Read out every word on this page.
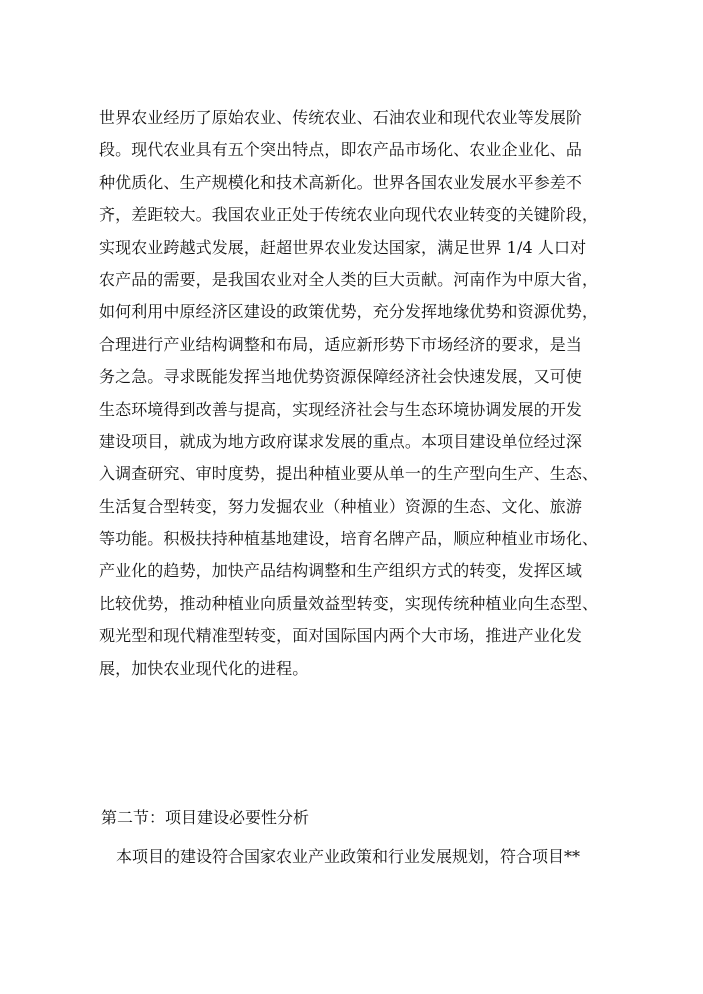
世界农业经历了原始农业、传统农业、石油农业和现代农业等发展阶
段。现代农业具有五个突出特点，即农产品市场化、农业企业化、品
种优质化、生产规模化和技术高新化。世界各国农业发展水平参差不
齐，差距较大。我国农业正处于传统农业向现代农业转变的关键阶段，
实现农业跨越式发展，赶超世界农业发达国家，满足世界 1/4 人口对
农产品的需要，是我国农业对全人类的巨大贡献。河南作为中原大省，
如何利用中原经济区建设的政策优势，充分发挥地缘优势和资源优势，
合理进行产业结构调整和布局，适应新形势下市场经济的要求，是当
务之急。寻求既能发挥当地优势资源保障经济社会快速发展，又可使
生态环境得到改善与提高，实现经济社会与生态环境协调发展的开发
建设项目，就成为地方政府谋求发展的重点。本项目建设单位经过深
入调查研究、审时度势，提出种植业要从单一的生产型向生产、生态、
生活复合型转变，努力发掘农业（种植业）资源的生态、文化、旅游
等功能。积极扶持种植基地建设，培育名牌产品，顺应种植业市场化、
产业化的趋势，加快产品结构调整和生产组织方式的转变，发挥区域
比较优势，推动种植业向质量效益型转变，实现传统种植业向生态型、
观光型和现代精准型转变，面对国际国内两个大市场，推进产业化发
展，加快农业现代化的进程。
第二节：项目建设必要性分析
本项目的建设符合国家农业产业政策和行业发展规划，符合项目**
